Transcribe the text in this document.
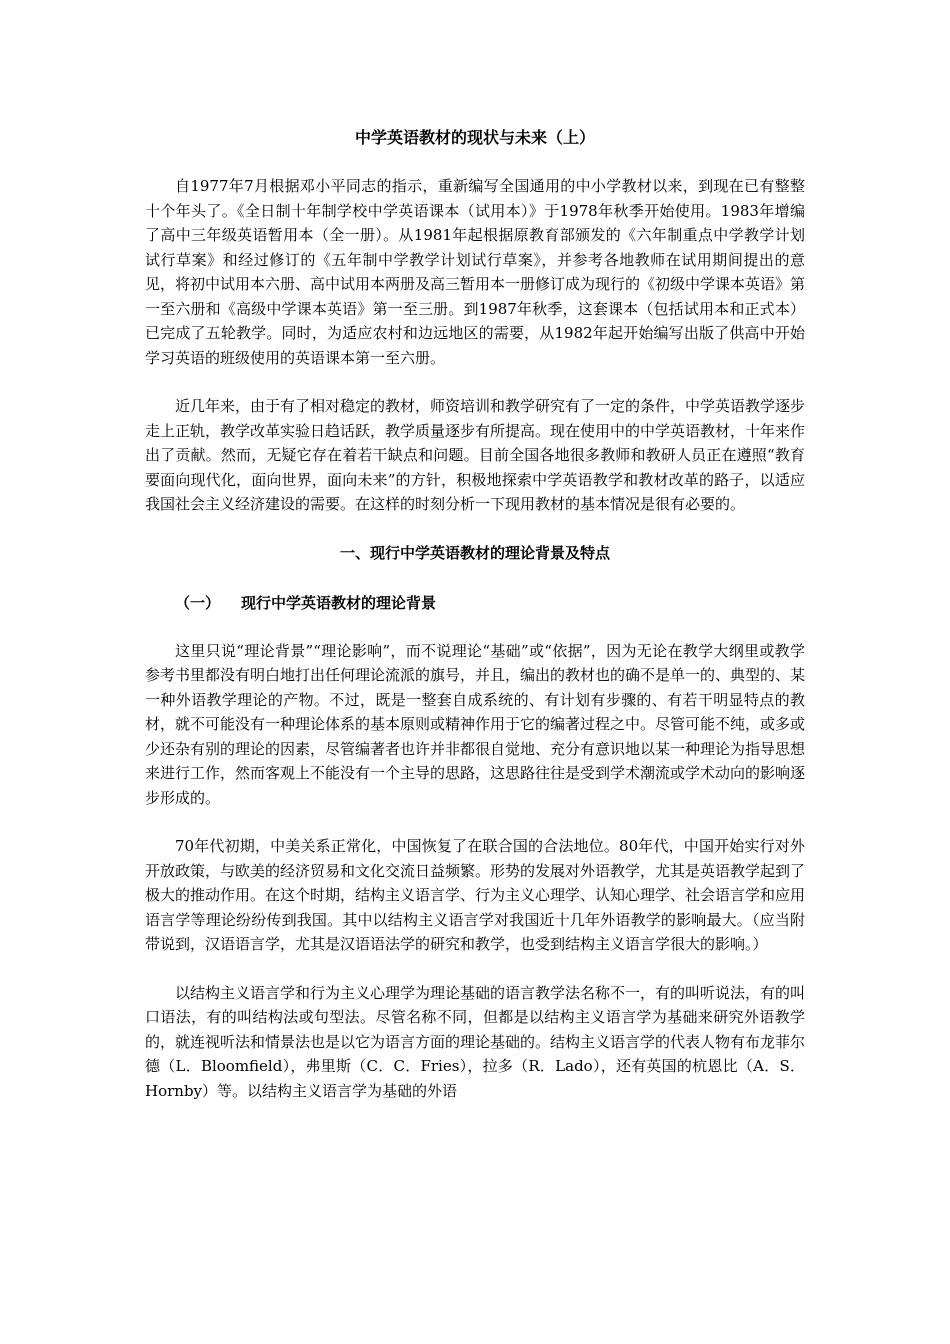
中学英语教材的现状与未来（上）

自1977年7月根据邓小平同志的指示，重新编写全国通用的中小学教材以来，到现在已有整整十个年头了。《全日制十年制学校中学英语课本（试用本）》于1978年秋季开始使用。1983年增编了高中三年级英语暂用本（全一册）。从1981年起根据原教育部颁发的《六年制重点中学教学计划试行草案》和经过修订的《五年制中学教学计划试行草案》，并参考各地教师在试用期间提出的意见，将初中试用本六册、高中试用本两册及高三暂用本一册修订成为现行的《初级中学课本英语》第一至六册和《高级中学课本英语》第一至三册。到1987年秋季，这套课本（包括试用本和正式本）已完成了五轮教学。同时，为适应农村和边远地区的需要，从1982年起开始编写出版了供高中开始学习英语的班级使用的英语课本第一至六册。

近几年来，由于有了相对稳定的教材，师资培训和教学研究有了一定的条件，中学英语教学逐步走上正轨，教学改革实验日趋话跃，教学质量逐步有所提高。现在使用中的中学英语教材，十年来作出了贡献。然而，无疑它存在着若干缺点和问题。目前全国各地很多教师和教研人员正在遵照“教育要面向现代化，面向世界，面向未来”的方针，积极地探索中学英语教学和教材改革的路子，以适应我国社会主义经济建设的需要。在这样的时刻分析一下现用教材的基本情况是很有必要的。

一、现行中学英语教材的理论背景及特点
（一） 现行中学英语教材的理论背景

这里只说“理论背景”“理论影响”，而不说理论“基础”或“依据”，因为无论在教学大纲里或教学参考书里都没有明白地打出任何理论流派的旗号，并且，编出的教材也的确不是单一的、典型的、某一种外语教学理论的产物。不过，既是一整套自成系统的、有计划有步骤的、有若干明显特点的教材，就不可能没有一种理论体系的基本原则或精神作用于它的编著过程之中。尽管可能不纯，或多或少还杂有别的理论的因素，尽管编著者也许并非都很自觉地、充分有意识地以某一种理论为指导思想来进行工作，然而客观上不能没有一个主导的思路，这思路往往是受到学术潮流或学术动向的影响逐步形成的。

70年代初期，中美关系正常化，中国恢复了在联合国的合法地位。80年代，中国开始实行对外开放政策，与欧美的经济贸易和文化交流日益频繁。形势的发展对外语教学，尤其是英语教学起到了极大的推动作用。在这个时期，结构主义语言学、行为主义心理学、认知心理学、社会语言学和应用语言学等理论纷纷传到我国。其中以结构主义语言学对我国近十几年外语教学的影响最大。（应当附带说到，汉语语言学，尤其是汉语语法学的研究和教学，也受到结构主义语言学很大的影响。）

以结构主义语言学和行为主义心理学为理论基础的语言教学法名称不一，有的叫听说法，有的叫口语法，有的叫结构法或句型法。尽管名称不同，但都是以结构主义语言学为基础来研究外语教学的，就连视听法和情景法也是以它为语言方面的理论基础的。结构主义语言学的代表人物有布龙菲尔德（L．Bloomfield），弗里斯（C．C．Fries），拉多（R．Lado），还有英国的杭恩比（A．S．Hornby）等。以结构主义语言学为基础的外语
